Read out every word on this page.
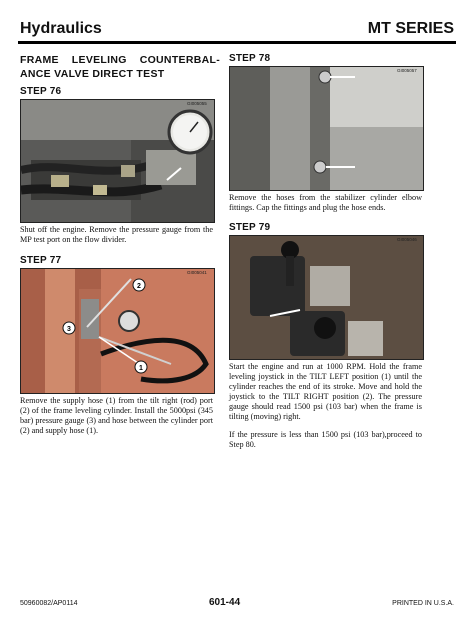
Hydraulics	MT SERIES
FRAME LEVELING COUNTERBAL-ANCE VALVE DIRECT TEST
STEP 76
GI005055
Shut off the engine. Remove the pressure gauge from the MP test port on the flow divider.
STEP 77
2
3
1
GI005041
Remove the supply hose (1) from the tilt right (rod) port (2) of the frame leveling cylinder. Install the 5000psi (345 bar) pressure gauge (3) and hose between the cylinder port (2) and supply hose (1).
STEP 78
GI005057
Remove the hoses from the stabilizer cylinder elbow fittings. Cap the fittings and plug the hose ends.
STEP 79
GI005046
Start the engine and run at 1000 RPM. Hold the frame leveling joystick in the TILT LEFT position (1) until the cylinder reaches the end of its stroke. Move and hold the joystick to the TILT RIGHT position (2). The pressure gauge should read 1500 psi (103 bar) when the frame is tilting (moving) right.
If the pressure is less than 1500 psi (103 bar),proceed to Step 80.
50960082/AP0114	601-44	PRINTED IN U.S.A.
